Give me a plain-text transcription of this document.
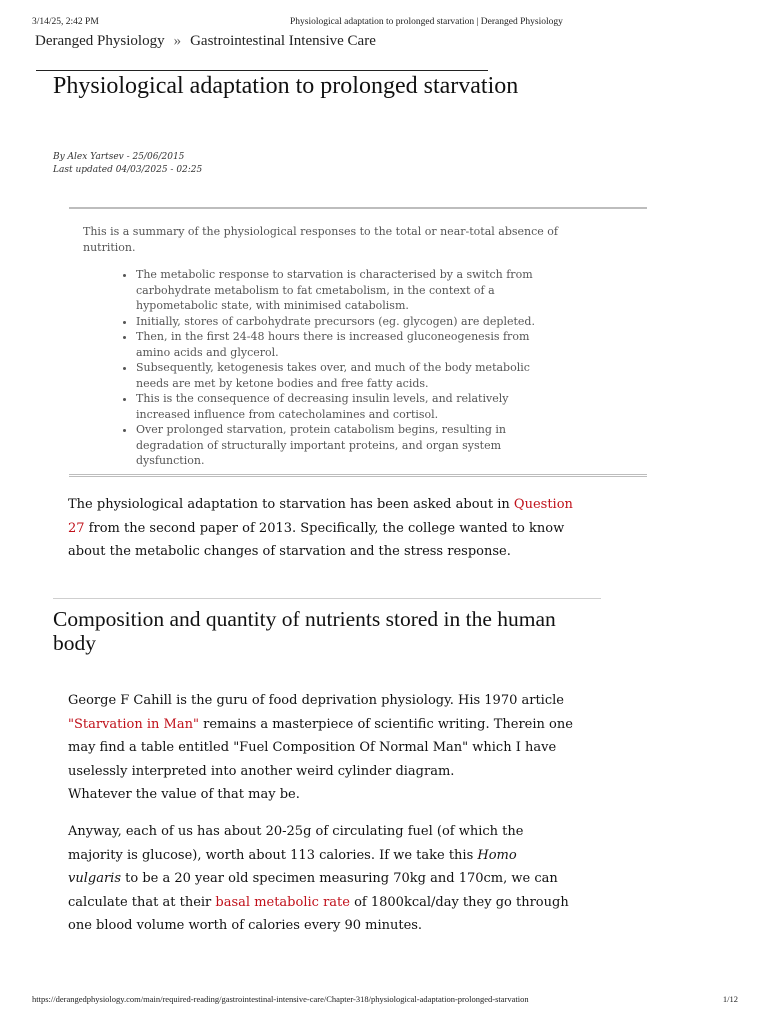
3/14/25, 2:42 PM	Physiological adaptation to prolonged starvation | Deranged Physiology
Deranged Physiology » Gastrointestinal Intensive Care
Physiological adaptation to prolonged starvation
By Alex Yartsev - 25/06/2015
Last updated 04/03/2025 - 02:25
This is a summary of the physiological responses to the total or near-total absence of nutrition.
• The metabolic response to starvation is characterised by a switch from carbohydrate metabolism to fat cmetabolism, in the context of a hypometabolic state, with minimised catabolism.
• Initially, stores of carbohydrate precursors (eg. glycogen) are depleted.
• Then, in the first 24-48 hours there is increased gluconeogenesis from amino acids and glycerol.
• Subsequently, ketogenesis takes over, and much of the body metabolic needs are met by ketone bodies and free fatty acids.
• This is the consequence of decreasing insulin levels, and relatively increased influence from catecholamines and cortisol.
• Over prolonged starvation, protein catabolism begins, resulting in degradation of structurally important proteins, and organ system dysfunction.

The physiological adaptation to starvation has been asked about in Question 27 from the second paper of 2013. Specifically, the college wanted to know about the metabolic changes of starvation and the stress response.

Composition and quantity of nutrients stored in the human body

George F Cahill is the guru of food deprivation physiology. His 1970 article "Starvation in Man" remains a masterpiece of scientific writing. Therein one may find a table entitled "Fuel Composition Of Normal Man" which I have uselessly interpreted into another weird cylinder diagram.
Whatever the value of that may be.

Anyway, each of us has about 20-25g of circulating fuel (of which the majority is glucose), worth about 113 calories. If we take this Homo vulgaris to be a 20 year old specimen measuring 70kg and 170cm, we can calculate that at their basal metabolic rate of 1800kcal/day they go through one blood volume worth of calories every 90 minutes.

https://derangedphysiology.com/main/required-reading/gastrointestinal-intensive-care/Chapter-318/physiological-adaptation-prolonged-starvation	1/12
